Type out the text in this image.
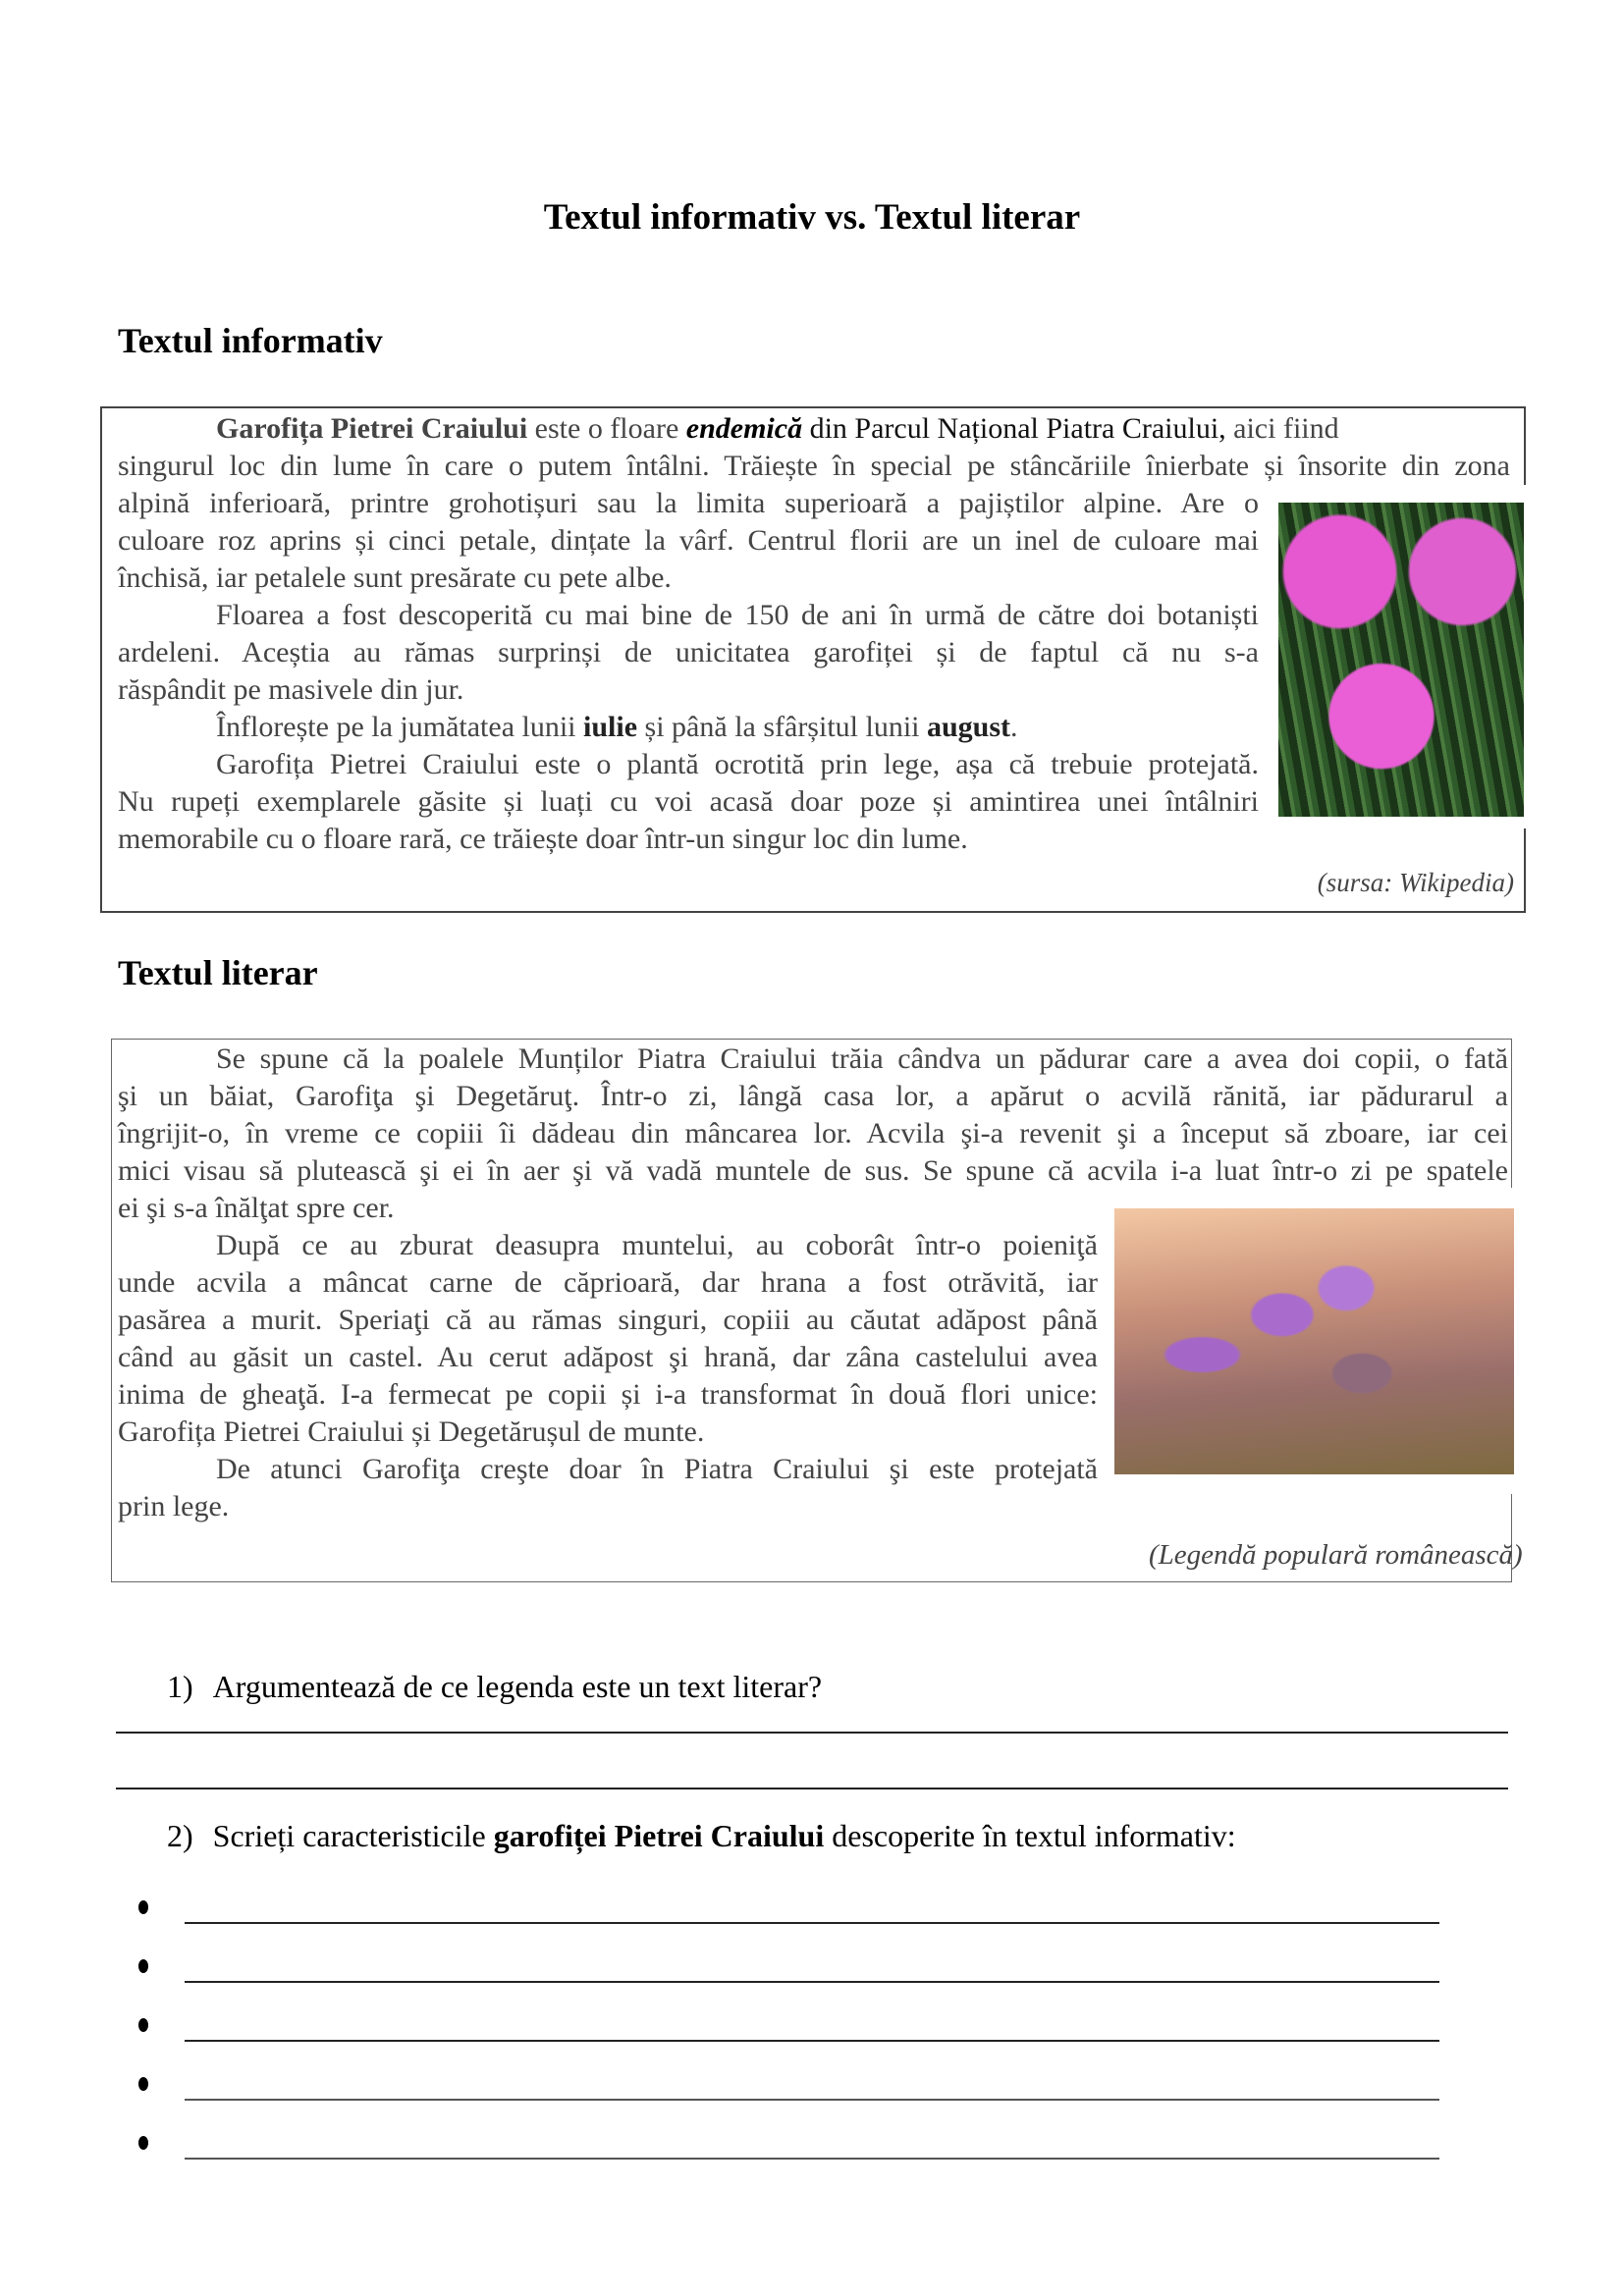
Textul informativ vs. Textul literar
Textul informativ
Garofița Pietrei Craiului este o floare endemică din Parcul Național Piatra Craiului, aici fiind
singurul loc din lume în care o putem întâlni. Trăiește în special pe stâncăriile înierbate și însorite din zona
alpină inferioară, printre grohotișuri sau la limita superioară a pajiștilor alpine. Are o
culoare roz aprins și cinci petale, dințate la vârf. Centrul florii are un inel de culoare mai
închisă, iar petalele sunt presărate cu pete albe.
Floarea a fost descoperită cu mai bine de 150 de ani în urmă de către doi botaniști
ardeleni. Aceștia au rămas surprinși de unicitatea garofiței și de faptul că nu s-a
răspândit pe masivele din jur.
Înflorește pe la jumătatea lunii iulie și până la sfârșitul lunii august.
Garofița Pietrei Craiului este o plantă ocrotită prin lege, așa că trebuie protejată.
Nu rupeți exemplarele găsite și luați cu voi acasă doar poze și amintirea unei întâlniri
memorabile cu o floare rară, ce trăiește doar într-un singur loc din lume.
(sursa: Wikipedia)
Textul literar
Se spune că la poalele Munților Piatra Craiului trăia cândva un pădurar care a avea doi copii, o fată
şi un băiat, Garofiţa şi Degetăruţ. Într-o zi, lângă casa lor, a apărut o acvilă rănită, iar pădurarul a
îngrijit-o, în vreme ce copiii îi dădeau din mâncarea lor. Acvila şi-a revenit şi a început să zboare, iar cei
mici visau să plutească şi ei în aer şi vă vadă muntele de sus. Se spune că acvila i-a luat într-o zi pe spatele
ei şi s-a înălţat spre cer.
După ce au zburat deasupra muntelui, au coborât într-o poieniţă
unde acvila a mâncat carne de căprioară, dar hrana a fost otrăvită, iar
pasărea a murit. Speriaţi că au rămas singuri, copiii au căutat adăpost până
când au găsit un castel. Au cerut adăpost şi hrană, dar zâna castelului avea
inima de gheaţă. I-a fermecat pe copii și i-a transformat în două flori unice:
Garofița Pietrei Craiului și Degetărușul de munte.
De atunci Garofiţa creşte doar în Piatra Craiului şi este protejată
prin lege.
(Legendă populară românească)
1) Argumentează de ce legenda este un text literar?
2) Scrieți caracteristicile garofiței Pietrei Craiului descoperite în textul informativ:
